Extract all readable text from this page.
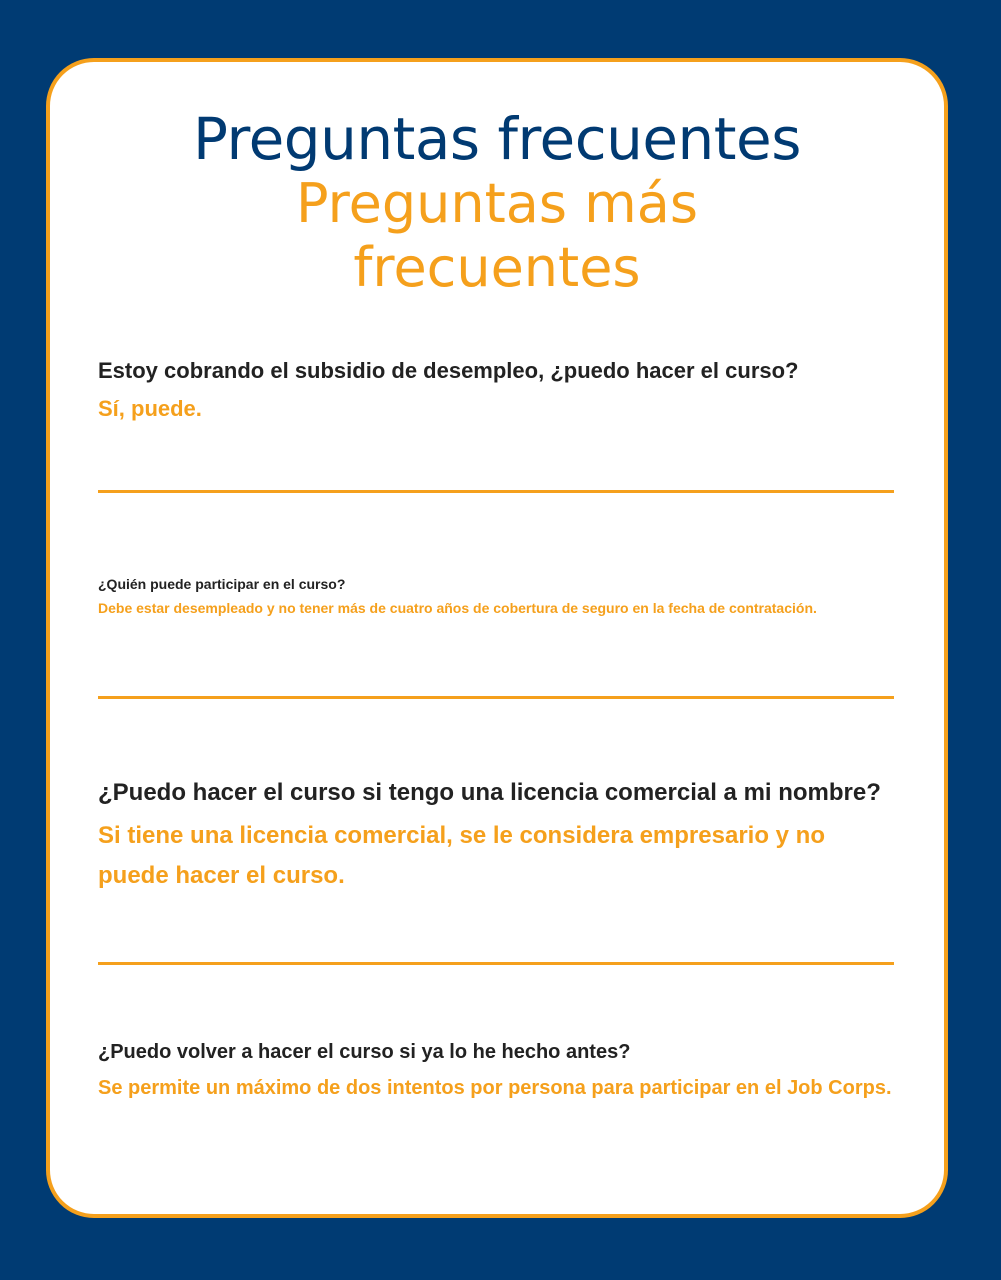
Preguntas frecuentes
Preguntas más frecuentes
Estoy cobrando el subsidio de desempleo, ¿puedo hacer el curso?
Sí, puede.
¿Quién puede participar en el curso?
Debe estar desempleado y no tener más de cuatro años de cobertura de seguro en la fecha de contratación.
¿Puedo hacer el curso si tengo una licencia comercial a mi nombre?
Si tiene una licencia comercial, se le considera empresario y no puede hacer el curso.
¿Puedo volver a hacer el curso si ya lo he hecho antes?
Se permite un máximo de dos intentos por persona para participar en el Job Corps.
